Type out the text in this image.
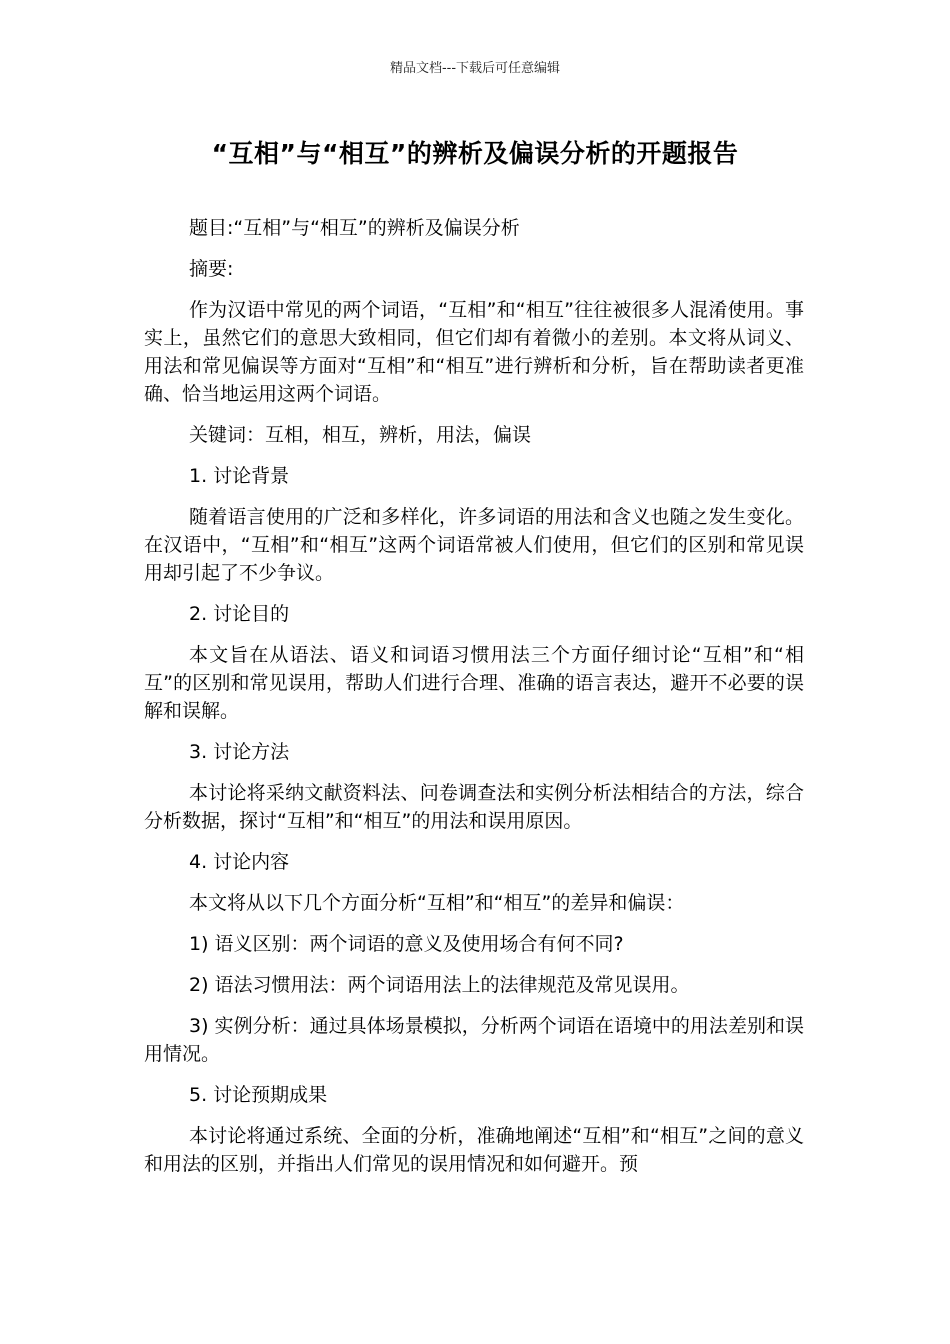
精品文档---下载后可任意编辑
“互相”与“相互”的辨析及偏误分析的开题报告

题目:“互相”与“相互”的辨析及偏误分析

摘要:

作为汉语中常见的两个词语，“互相”和“相互”往往被很多人混淆使用。事实上，虽然它们的意思大致相同，但它们却有着微小的差别。本文将从词义、用法和常见偏误等方面对“互相”和“相互”进行辨析和分析，旨在帮助读者更准确、恰当地运用这两个词语。

关键词：互相，相互，辨析，用法，偏误

1. 讨论背景

随着语言使用的广泛和多样化，许多词语的用法和含义也随之发生变化。在汉语中，“互相”和“相互”这两个词语常被人们使用，但它们的区别和常见误用却引起了不少争议。

2. 讨论目的

本文旨在从语法、语义和词语习惯用法三个方面仔细讨论“互相”和“相互”的区别和常见误用，帮助人们进行合理、准确的语言表达，避开不必要的误解和误解。

3. 讨论方法

本讨论将采纳文献资料法、问卷调查法和实例分析法相结合的方法，综合分析数据，探讨“互相”和“相互”的用法和误用原因。

4. 讨论内容

本文将从以下几个方面分析“互相”和“相互”的差异和偏误：

1) 语义区别：两个词语的意义及使用场合有何不同?

2) 语法习惯用法：两个词语用法上的法律规范及常见误用。

3) 实例分析：通过具体场景模拟，分析两个词语在语境中的用法差别和误用情况。

5. 讨论预期成果

本讨论将通过系统、全面的分析，准确地阐述“互相”和“相互”之间的意义和用法的区别，并指出人们常见的误用情况和如何避开。预
